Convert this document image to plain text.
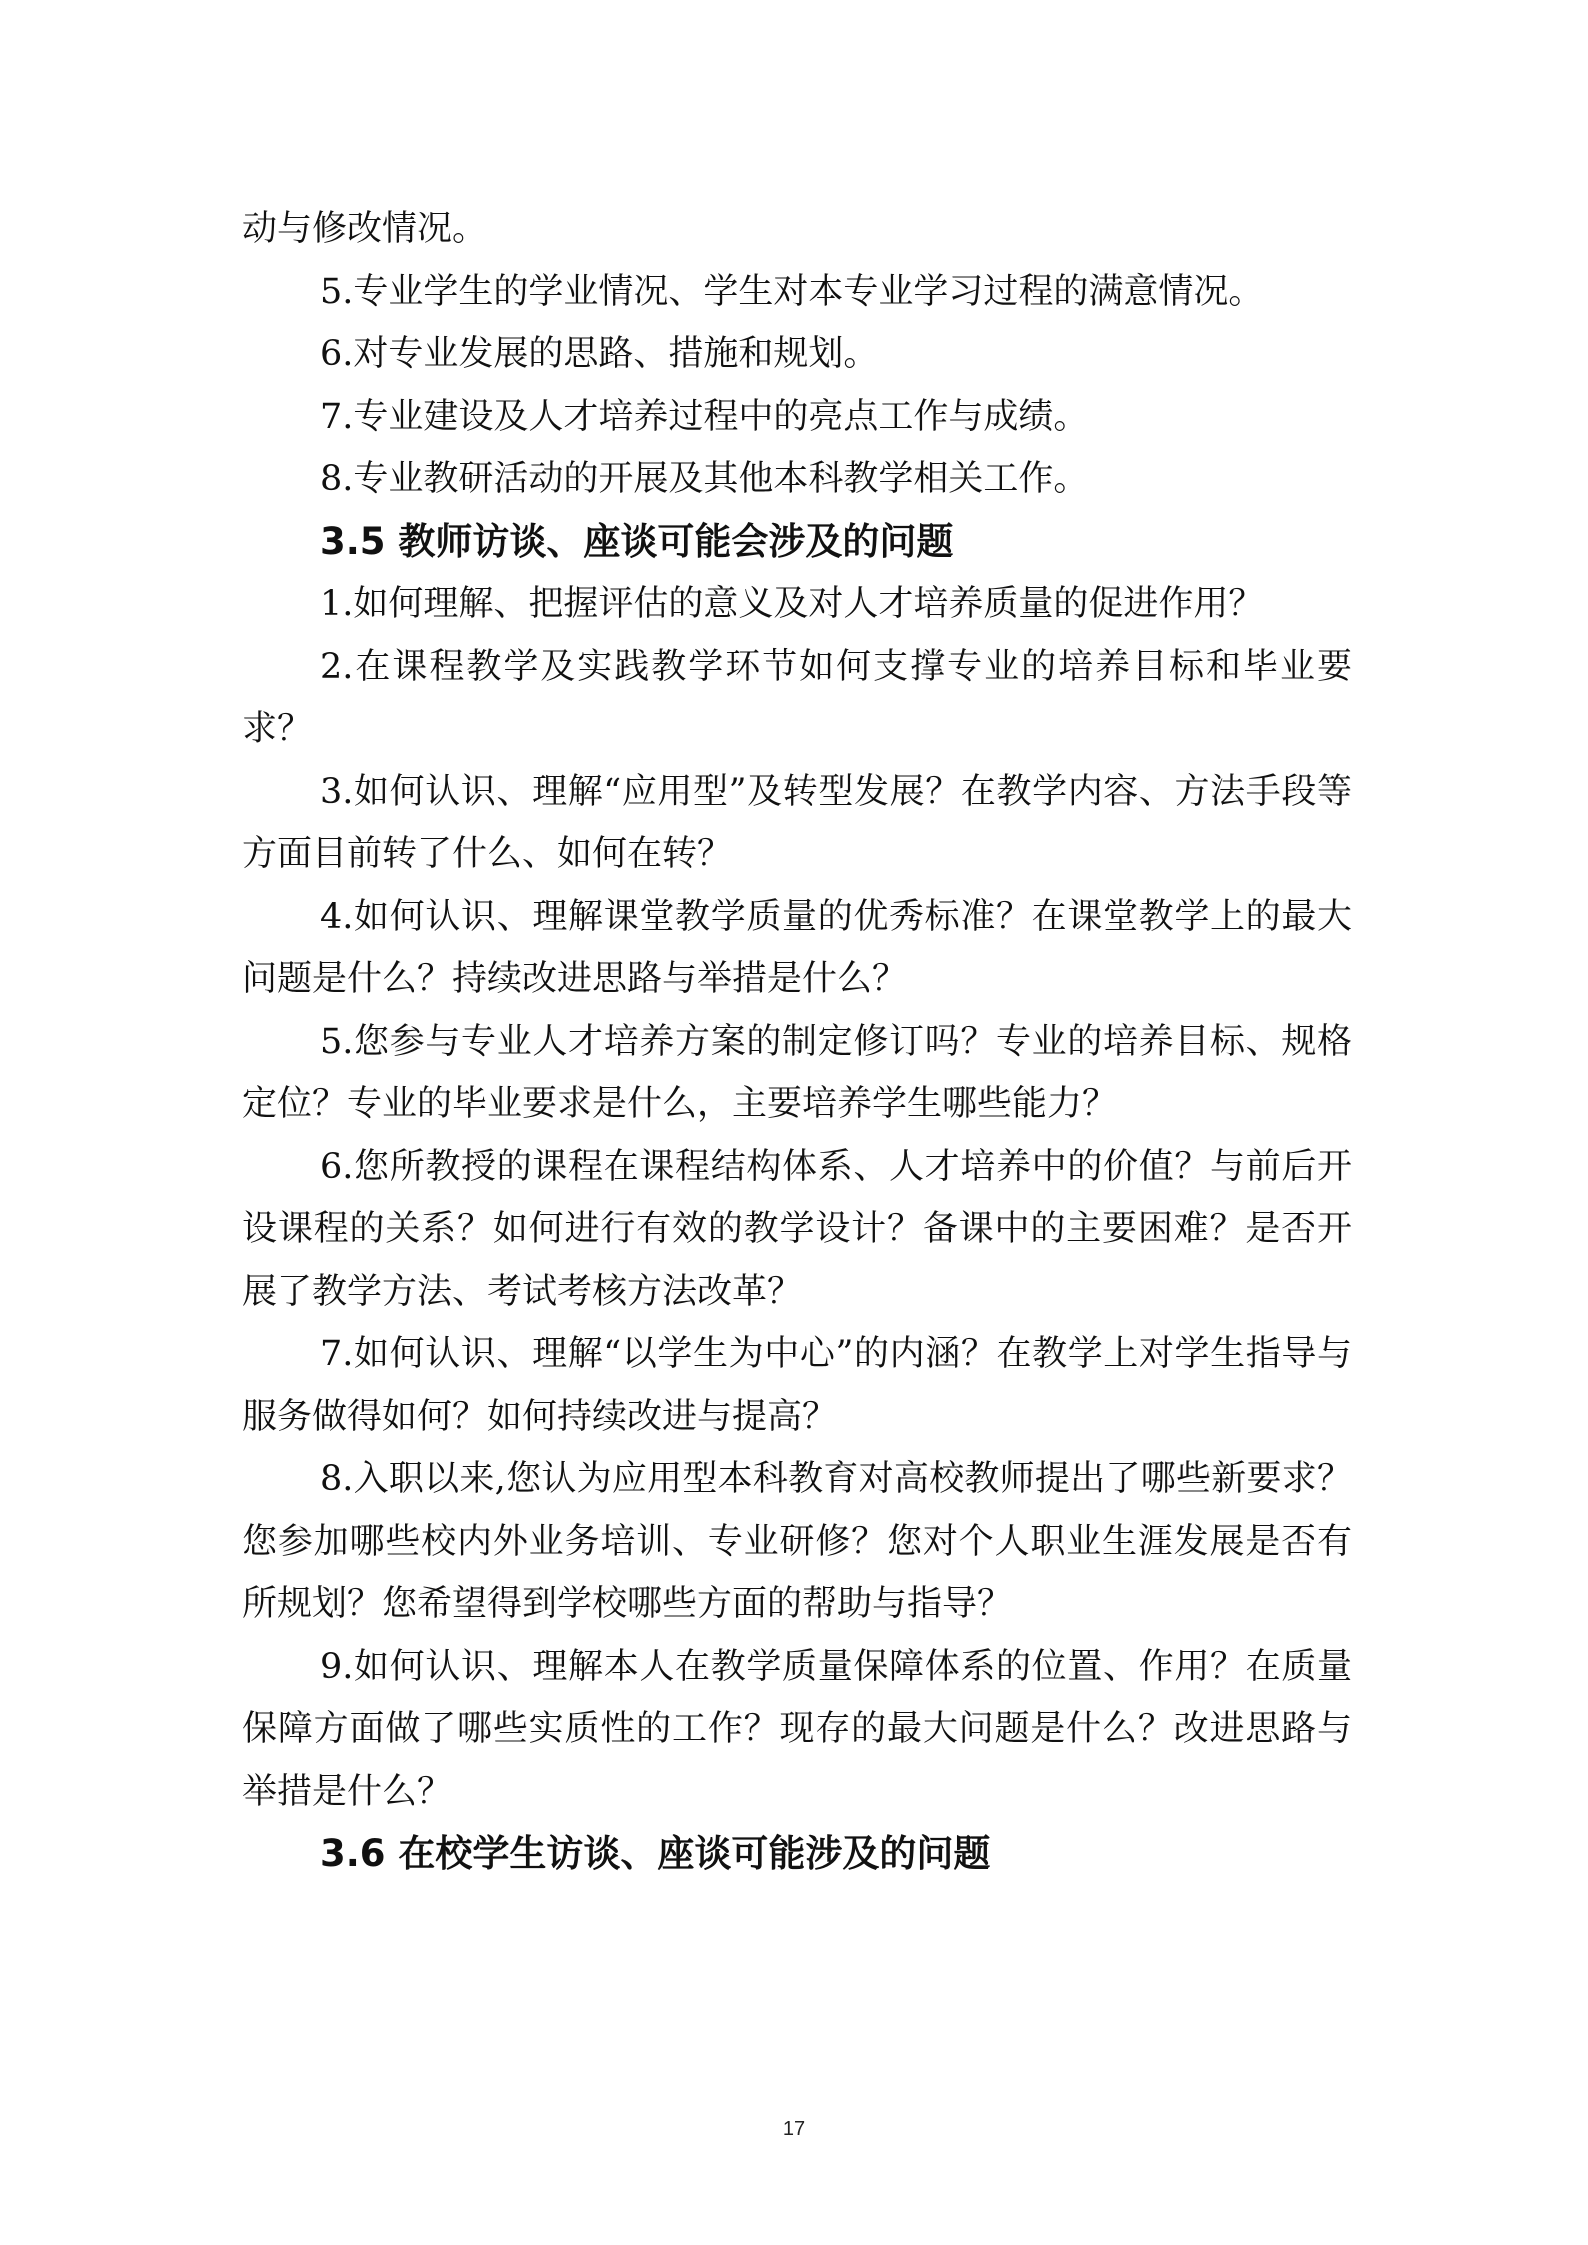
动与修改情况。

5.专业学生的学业情况、学生对本专业学习过程的满意情况。

6.对专业发展的思路、措施和规划。

7.专业建设及人才培养过程中的亮点工作与成绩。

8.专业教研活动的开展及其他本科教学相关工作。

3.5 教师访谈、座谈可能会涉及的问题

1.如何理解、把握评估的意义及对人才培养质量的促进作用？

2.在课程教学及实践教学环节如何支撑专业的培养目标和毕业要求？

3.如何认识、理解“应用型”及转型发展？在教学内容、方法手段等方面目前转了什么、如何在转？

4.如何认识、理解课堂教学质量的优秀标准？在课堂教学上的最大问题是什么？持续改进思路与举措是什么？

5.您参与专业人才培养方案的制定修订吗？专业的培养目标、规格定位？专业的毕业要求是什么，主要培养学生哪些能力？

6.您所教授的课程在课程结构体系、人才培养中的价值？与前后开设课程的关系？如何进行有效的教学设计？备课中的主要困难？是否开展了教学方法、考试考核方法改革？

7.如何认识、理解“以学生为中心”的内涵？在教学上对学生指导与服务做得如何？如何持续改进与提高？

8.入职以来,您认为应用型本科教育对高校教师提出了哪些新要求？您参加哪些校内外业务培训、专业研修？您对个人职业生涯发展是否有所规划？您希望得到学校哪些方面的帮助与指导？

9.如何认识、理解本人在教学质量保障体系的位置、作用？在质量保障方面做了哪些实质性的工作？现存的最大问题是什么？改进思路与举措是什么？

3.6 在校学生访谈、座谈可能涉及的问题
17
